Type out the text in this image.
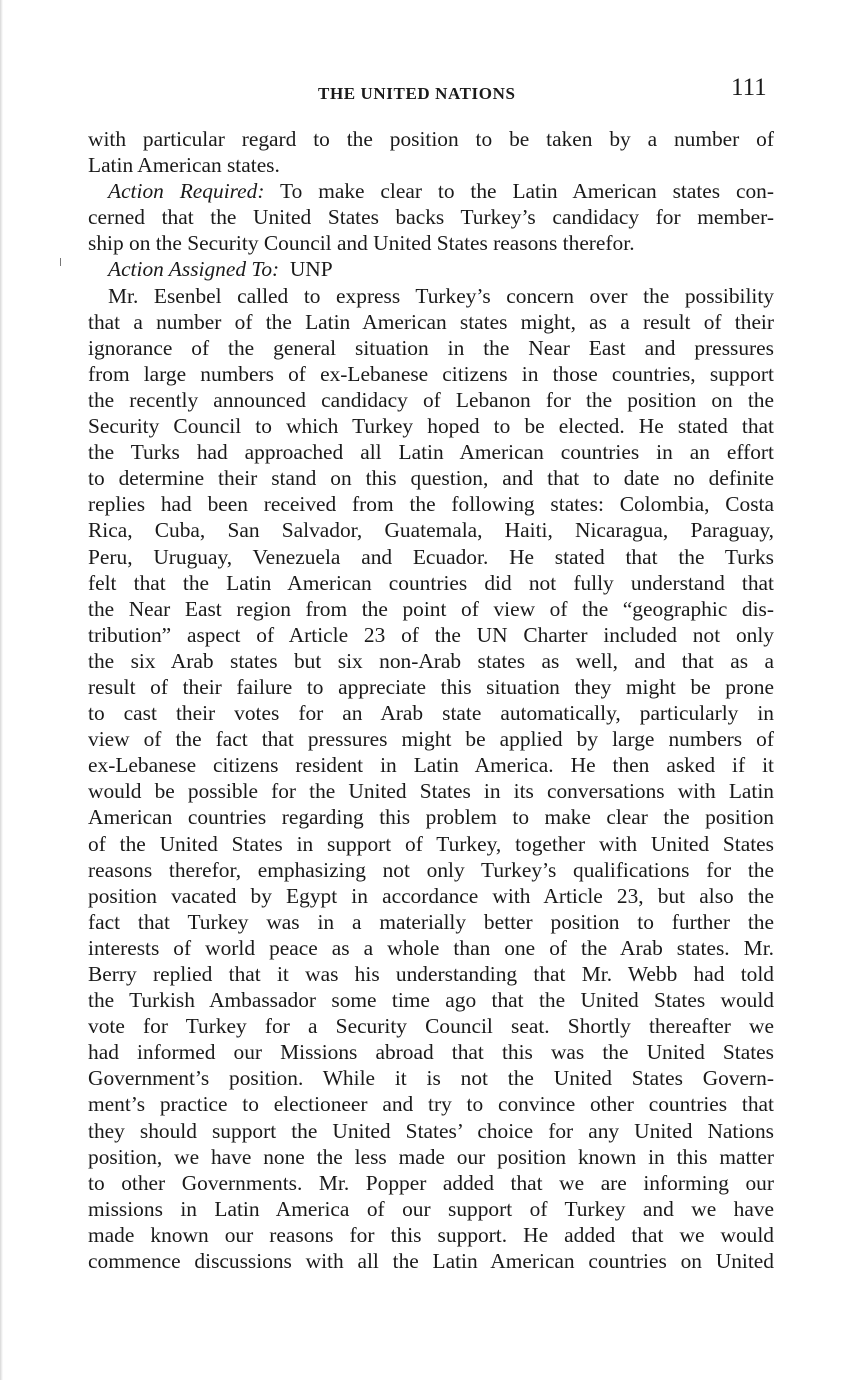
THE UNITED NATIONS	111

with particular regard to the position to be taken by a number of

Latin American states.

Action Required: To make clear to the Latin American states con-

cerned that the United States backs Turkey’s candidacy for member-

ship on the Security Council and United States reasons therefor.

Action Assigned To: UNP

Mr. Esenbel called to express Turkey’s concern over the possibility

that a number of the Latin American states might, as a result of their

ignorance of the general situation in the Near East and pressures

from large numbers of ex-Lebanese citizens in those countries, support

the recently announced candidacy of Lebanon for the position on the

Security Council to which Turkey hoped to be elected. He stated that

the Turks had approached all Latin American countries in an effort

to determine their stand on this question, and that to date no definite

replies had been received from the following states: Colombia, Costa

Rica, Cuba, San Salvador, Guatemala, Haiti, Nicaragua, Paraguay,

Peru, Uruguay, Venezuela and Ecuador. He stated that the Turks

felt that the Latin American countries did not fully understand that

the Near East region from the point of view of the “geographic dis-

tribution” aspect of Article 23 of the UN Charter included not only

the six Arab states but six non-Arab states as well, and that as a

result of their failure to appreciate this situation they might be prone

to cast their votes for an Arab state automatically, particularly in

view of the fact that pressures might be applied by large numbers of

ex-Lebanese citizens resident in Latin America. He then asked if it

would be possible for the United States in its conversations with Latin

American countries regarding this problem to make clear the position

of the United States in support of Turkey, together with United States

reasons therefor, emphasizing not only Turkey’s qualifications for the

position vacated by Egypt in accordance with Article 23, but also the

fact that Turkey was in a materially better position to further the

interests of world peace as a whole than one of the Arab states. Mr.

Berry replied that it was his understanding that Mr. Webb had told

the Turkish Ambassador some time ago that the United States would

vote for Turkey for a Security Council seat. Shortly thereafter we

had informed our Missions abroad that this was the United States

Government’s position. While it is not the United States Govern-

ment’s practice to electioneer and try to convince other countries that

they should support the United States’ choice for any United Nations

position, we have none the less made our position known in this matter

to other Governments. Mr. Popper added that we are informing our

missions in Latin America of our support of Turkey and we have

made known our reasons for this support. He added that we would

commence discussions with all the Latin American countries on United
